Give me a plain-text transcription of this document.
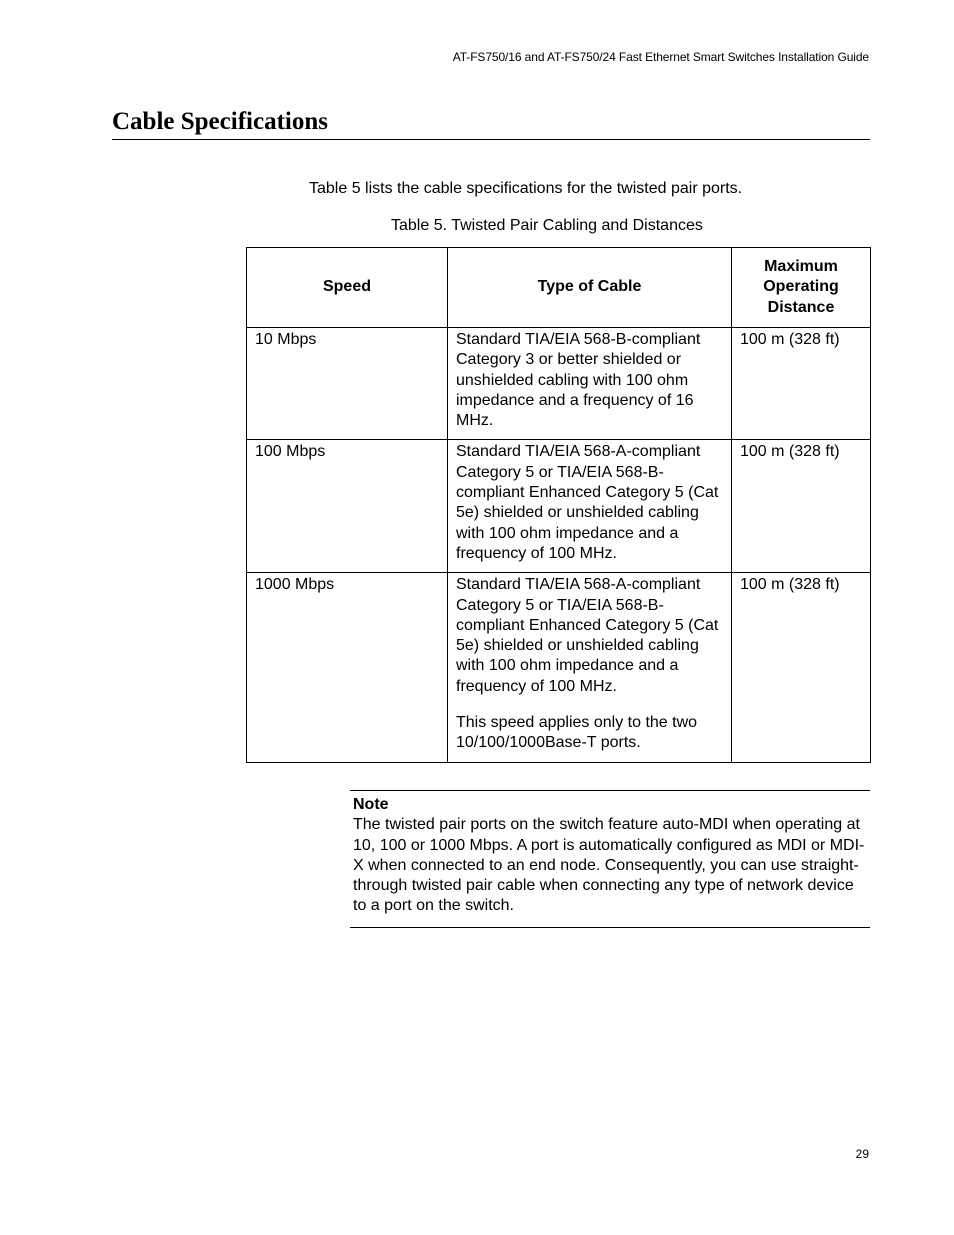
AT-FS750/16 and AT-FS750/24 Fast Ethernet Smart Switches Installation Guide
Cable Specifications
Table 5 lists the cable specifications for the twisted pair ports.
Table 5. Twisted Pair Cabling and Distances
Speed	Type of Cable	Maximum Operating Distance

10 Mbps	Standard TIA/EIA 568-B-compliant Category 3 or better shielded or unshielded cabling with 100 ohm impedance and a frequency of 16 MHz.	100 m (328 ft)

100 Mbps	Standard TIA/EIA 568-A-compliant Category 5 or TIA/EIA 568-B-compliant Enhanced Category 5 (Cat 5e) shielded or unshielded cabling with 100 ohm impedance and a frequency of 100 MHz.	100 m (328 ft)

1000 Mbps	Standard TIA/EIA 568-A-compliant Category 5 or TIA/EIA 568-B-compliant Enhanced Category 5 (Cat 5e) shielded or unshielded cabling with 100 ohm impedance and a frequency of 100 MHz.
This speed applies only to the two 10/100/1000Base-T ports.	100 m (328 ft)
Note
The twisted pair ports on the switch feature auto-MDI when operating at 10, 100 or 1000 Mbps. A port is automatically configured as MDI or MDI-X when connected to an end node. Consequently, you can use straight-through twisted pair cable when connecting any type of network device to a port on the switch.
29
